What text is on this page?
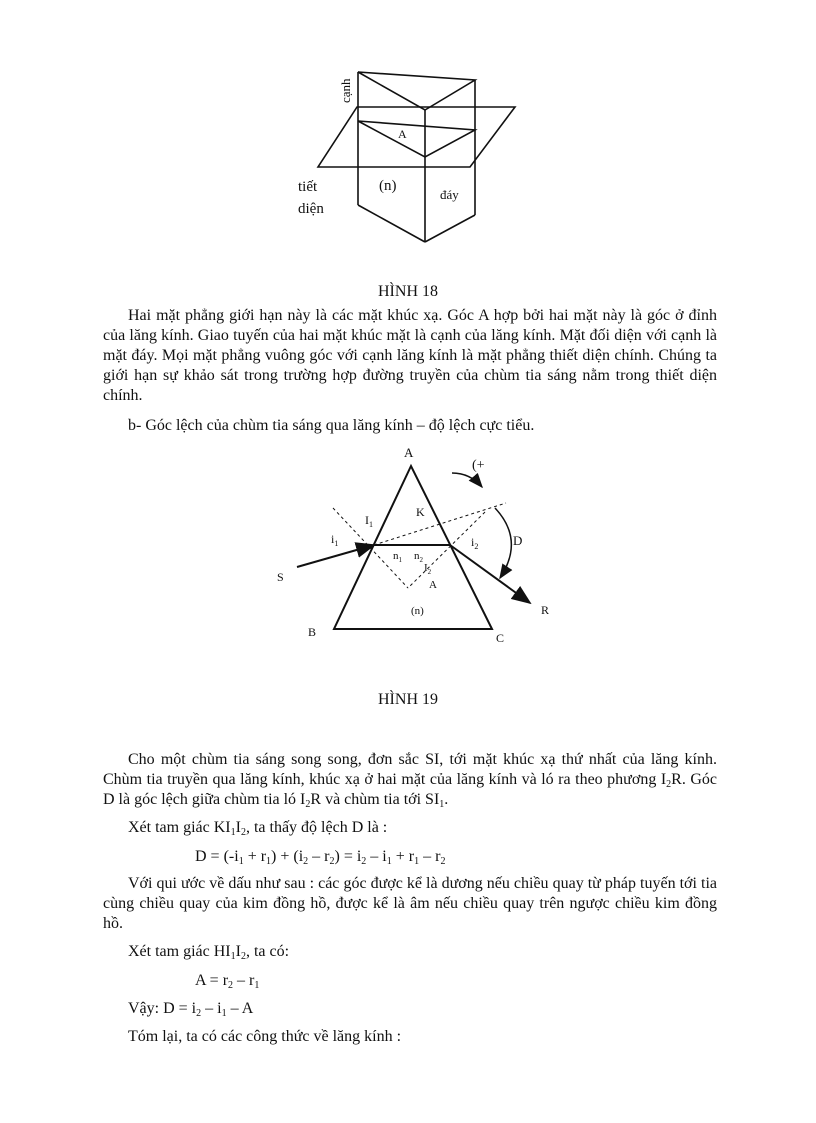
cạnh
A
tiết
diện
(n)
đáy
HÌNH 18

Hai mặt phẳng giới hạn này là các mặt khúc xạ. Góc A hợp bởi hai mặt này là góc ở đỉnh của lăng kính. Giao tuyến của hai mặt khúc mặt là cạnh của lăng kính. Mặt đối diện với cạnh là mặt đáy. Mọi mặt phẳng vuông góc với cạnh lăng kính là mặt phẳng thiết diện chính. Chúng ta giới hạn sự khảo sát trong trường hợp đường truyền của chùm tia sáng nằm trong thiết diện chính.

b- Góc lệch của chùm tia sáng qua lăng kính – độ lệch cực tiểu.

A
(+
$I_1$
K
$i_1$	$i_2$	D
$n_1$ $n_2$
$I_2$
A
S
R
(n)
B	C
HÌNH 19

Cho một chùm tia sáng song song, đơn sắc SI, tới mặt khúc xạ thứ nhất của lăng kính. Chùm tia truyền qua lăng kính, khúc xạ ở hai mặt của lăng kính và ló ra theo phương $I_2R$. Góc D là góc lệch giữa chùm tia ló $I_2R$ và chùm tia tới $SI_1$.

Xét tam giác $KI_1I_2$, ta thấy độ lệch D là :

$D = (-i_1 + r_1) + (i_2 - r_2) = i_2 - i_1 + r_1 - r_2$

Với qui ước về dấu như sau : các góc được kể là dương nếu chiều quay từ pháp tuyến tới tia cùng chiều quay của kim đồng hồ, được kể là âm nếu chiều quay trên ngược chiều kim đồng hồ.

Xét tam giác $HI_1I_2$, ta có:

$A = r_2 - r_1$

Vậy: $D = i_2 - i_1 - A$

Tóm lại, ta có các công thức về lăng kính :
